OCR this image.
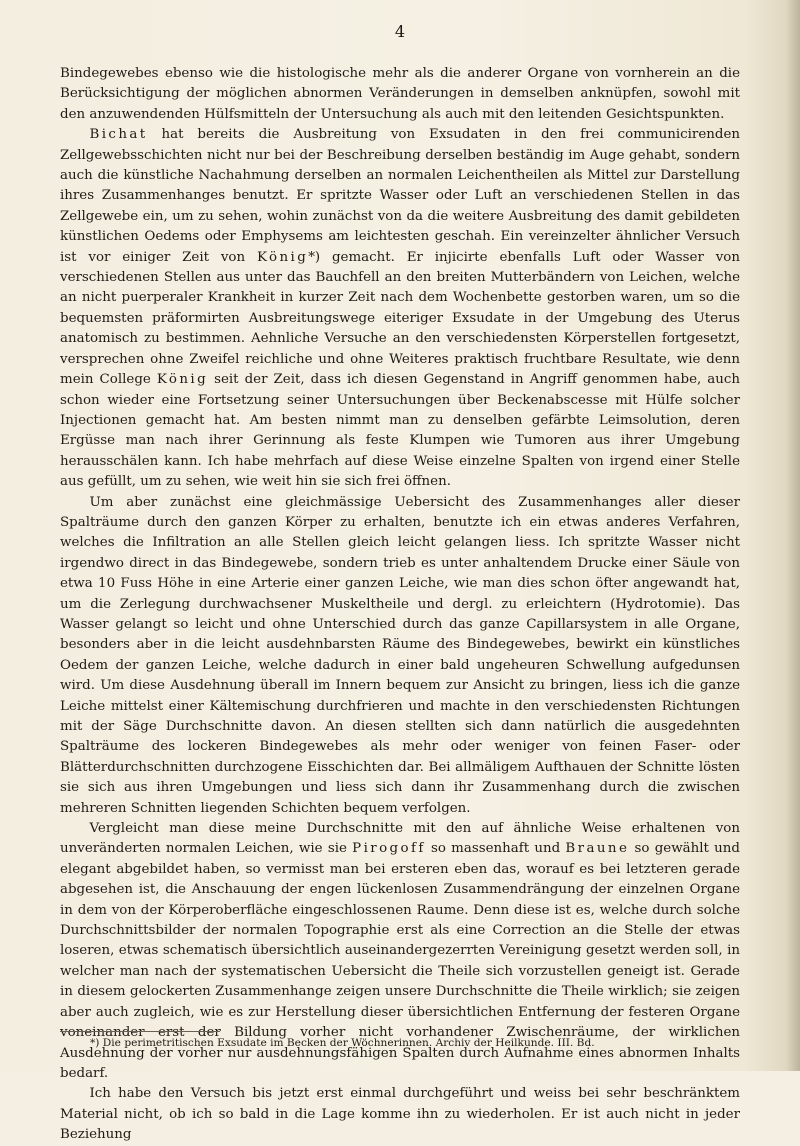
4

Bindegewebes ebenso wie die histologische mehr als die anderer Organe von vornherein an die Berücksichtigung der möglichen abnormen Veränderungen in demselben anknüpfen, sowohl mit den anzuwendenden Hülfsmitteln der Untersuchung als auch mit den leitenden Gesichtspunkten.

Bichat hat bereits die Ausbreitung von Exsudaten in den frei communicirenden Zellgewebsschichten nicht nur bei der Beschreibung derselben beständig im Auge gehabt, sondern auch die künstliche Nachahmung derselben an normalen Leichentheilen als Mittel zur Darstellung ihres Zusammenhanges benutzt. Er spritzte Wasser oder Luft an verschiedenen Stellen in das Zellgewebe ein, um zu sehen, wohin zunächst von da die weitere Ausbreitung des damit gebildeten künstlichen Oedems oder Emphysems am leichtesten geschah. Ein vereinzelter ähnlicher Versuch ist vor einiger Zeit von König*) gemacht. Er injicirte ebenfalls Luft oder Wasser von verschiedenen Stellen aus unter das Bauchfell an den breiten Mutterbändern von Leichen, welche an nicht puerperaler Krankheit in kurzer Zeit nach dem Wochenbette gestorben waren, um so die bequemsten präformirten Ausbreitungswege eiteriger Exsudate in der Umgebung des Uterus anatomisch zu bestimmen. Aehnliche Versuche an den verschiedensten Körperstellen fortgesetzt, versprechen ohne Zweifel reichliche und ohne Weiteres praktisch fruchtbare Resultate, wie denn mein College König seit der Zeit, dass ich diesen Gegenstand in Angriff genommen habe, auch schon wieder eine Fortsetzung seiner Untersuchungen über Beckenabscesse mit Hülfe solcher Injectionen gemacht hat. Am besten nimmt man zu denselben gefärbte Leimsolution, deren Ergüsse man nach ihrer Gerinnung als feste Klumpen wie Tumoren aus ihrer Umgebung herausschälen kann. Ich habe mehrfach auf diese Weise einzelne Spalten von irgend einer Stelle aus gefüllt, um zu sehen, wie weit hin sie sich frei öffnen.

Um aber zunächst eine gleichmässige Uebersicht des Zusammenhanges aller dieser Spalträume durch den ganzen Körper zu erhalten, benutzte ich ein etwas anderes Verfahren, welches die Infiltration an alle Stellen gleich leicht gelangen liess. Ich spritzte Wasser nicht irgendwo direct in das Bindegewebe, sondern trieb es unter anhaltendem Drucke einer Säule von etwa 10 Fuss Höhe in eine Arterie einer ganzen Leiche, wie man dies schon öfter angewandt hat, um die Zerlegung durchwachsener Muskeltheile und dergl. zu erleichtern (Hydrotomie). Das Wasser gelangt so leicht und ohne Unterschied durch das ganze Capillarsystem in alle Organe, besonders aber in die leicht ausdehnbarsten Räume des Bindegewebes, bewirkt ein künstliches Oedem der ganzen Leiche, welche dadurch in einer bald ungeheuren Schwellung aufgedunsen wird. Um diese Ausdehnung überall im Innern bequem zur Ansicht zu bringen, liess ich die ganze Leiche mittelst einer Kältemischung durchfrieren und machte in den verschiedensten Richtungen mit der Säge Durchschnitte davon. An diesen stellten sich dann natürlich die ausgedehnten Spalträume des lockeren Bindegewebes als mehr oder weniger von feinen Faser- oder Blätterdurchschnitten durchzogene Eisschichten dar. Bei allmäligem Aufthauen der Schnitte lösten sie sich aus ihren Umgebungen und liess sich dann ihr Zusammenhang durch die zwischen mehreren Schnitten liegenden Schichten bequem verfolgen.

Vergleicht man diese meine Durchschnitte mit den auf ähnliche Weise erhaltenen von unveränderten normalen Leichen, wie sie Pirogoff so massenhaft und Braune so gewählt und elegant abgebildet haben, so vermisst man bei ersteren eben das, worauf es bei letzteren gerade abgesehen ist, die Anschauung der engen lückenlosen Zusammendrängung der einzelnen Organe in dem von der Körperoberfläche eingeschlossenen Raume. Denn diese ist es, welche durch solche Durchschnittsbilder der normalen Topographie erst als eine Correction an die Stelle der etwas loseren, etwas schematisch übersichtlich auseinandergezerrten Vereinigung gesetzt werden soll, in welcher man nach der systematischen Uebersicht die Theile sich vorzustellen geneigt ist. Gerade in diesem gelockerten Zusammenhange zeigen unsere Durchschnitte die Theile wirklich; sie zeigen aber auch zugleich, wie es zur Herstellung dieser übersichtlichen Entfernung der festeren Organe voneinander erst der Bildung vorher nicht vorhandener Zwischenräume, der wirklichen Ausdehnung der vorher nur ausdehnungsfähigen Spalten durch Aufnahme eines abnormen Inhalts bedarf.

Ich habe den Versuch bis jetzt erst einmal durchgeführt und weiss bei sehr beschränktem Material nicht, ob ich so bald in die Lage komme ihn zu wiederholen. Er ist auch nicht in jeder Beziehung

*) Die perimetritischen Exsudate im Becken der Wöchnerinnen. Archiv der Heilkunde. III. Bd.
